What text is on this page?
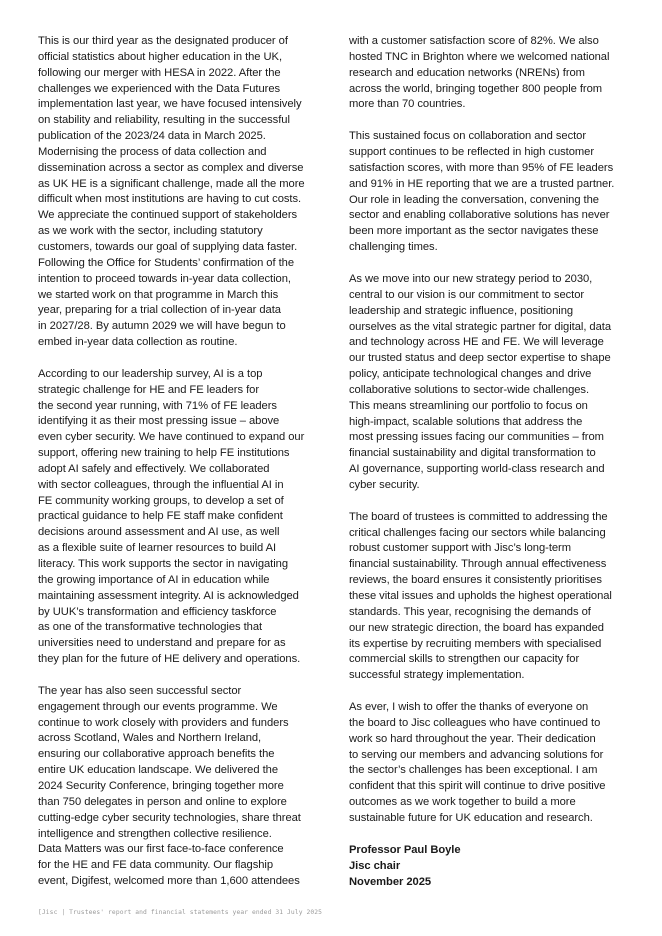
This is our third year as the designated producer of
official statistics about higher education in the UK,
following our merger with HESA in 2022. After the
challenges we experienced with the Data Futures
implementation last year, we have focused intensively
on stability and reliability, resulting in the successful
publication of the 2023/24 data in March 2025.
Modernising the process of data collection and
dissemination across a sector as complex and diverse
as UK HE is a significant challenge, made all the more
difficult when most institutions are having to cut costs.
We appreciate the continued support of stakeholders
as we work with the sector, including statutory
customers, towards our goal of supplying data faster.
Following the Office for Students’ confirmation of the
intention to proceed towards in-year data collection,
we started work on that programme in March this
year, preparing for a trial collection of in-year data
in 2027/28. By autumn 2029 we will have begun to
embed in-year data collection as routine.

According to our leadership survey, AI is a top
strategic challenge for HE and FE leaders for
the second year running, with 71% of FE leaders
identifying it as their most pressing issue – above
even cyber security. We have continued to expand our
support, offering new training to help FE institutions
adopt AI safely and effectively. We collaborated
with sector colleagues, through the influential AI in
FE community working groups, to develop a set of
practical guidance to help FE staff make confident
decisions around assessment and AI use, as well
as a flexible suite of learner resources to build AI
literacy. This work supports the sector in navigating
the growing importance of AI in education while
maintaining assessment integrity. AI is acknowledged
by UUK’s transformation and efficiency taskforce
as one of the transformative technologies that
universities need to understand and prepare for as
they plan for the future of HE delivery and operations.

The year has also seen successful sector
engagement through our events programme. We
continue to work closely with providers and funders
across Scotland, Wales and Northern Ireland,
ensuring our collaborative approach benefits the
entire UK education landscape. We delivered the
2024 Security Conference, bringing together more
than 750 delegates in person and online to explore
cutting-edge cyber security technologies, share threat
intelligence and strengthen collective resilience.
Data Matters was our first face-to-face conference
for the HE and FE data community. Our flagship
event, Digifest, welcomed more than 1,600 attendees

with a customer satisfaction score of 82%. We also
hosted TNC in Brighton where we welcomed national
research and education networks (NRENs) from
across the world, bringing together 800 people from
more than 70 countries.

This sustained focus on collaboration and sector
support continues to be reflected in high customer
satisfaction scores, with more than 95% of FE leaders
and 91% in HE reporting that we are a trusted partner.
Our role in leading the conversation, convening the
sector and enabling collaborative solutions has never
been more important as the sector navigates these
challenging times.

As we move into our new strategy period to 2030,
central to our vision is our commitment to sector
leadership and strategic influence, positioning
ourselves as the vital strategic partner for digital, data
and technology across HE and FE. We will leverage
our trusted status and deep sector expertise to shape
policy, anticipate technological changes and drive
collaborative solutions to sector-wide challenges.
This means streamlining our portfolio to focus on
high-impact, scalable solutions that address the
most pressing issues facing our communities – from
financial sustainability and digital transformation to
AI governance, supporting world-class research and
cyber security.

The board of trustees is committed to addressing the
critical challenges facing our sectors while balancing
robust customer support with Jisc’s long-term
financial sustainability. Through annual effectiveness
reviews, the board ensures it consistently prioritises
these vital issues and upholds the highest operational
standards. This year, recognising the demands of
our new strategic direction, the board has expanded
its expertise by recruiting members with specialised
commercial skills to strengthen our capacity for
successful strategy implementation.

As ever, I wish to offer the thanks of everyone on
the board to Jisc colleagues who have continued to
work so hard throughout the year. Their dedication
to serving our members and advancing solutions for
the sector’s challenges has been exceptional. I am
confident that this spirit will continue to drive positive
outcomes as we work together to build a more
sustainable future for UK education and research.

Professor Paul Boyle

Jisc chair

November 2025

[Jisc | Trustees' report and financial statements year ended 31 July 2025
